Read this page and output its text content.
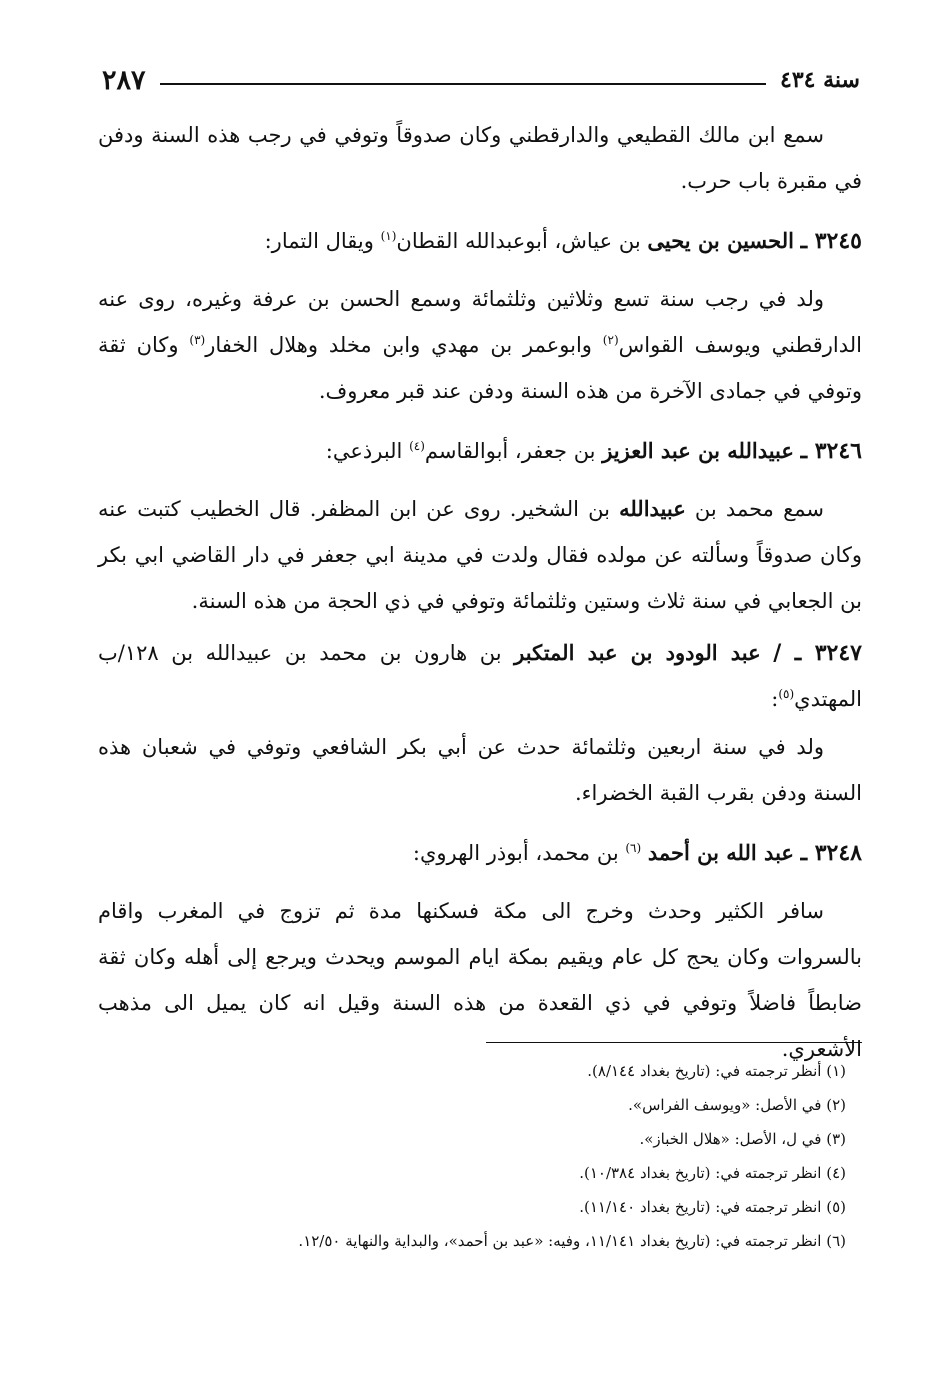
سنة ٤٣٤
٢٨٧

سمع ابن مالك القطيعي والدارقطني وكان صدوقاً وتوفي في رجب هذه السنة ودفن في مقبرة باب حرب.

٣٢٤٥ ـ الحسين بن يحيى بن عياش، أبوعبدالله القطان$^{(١)}$ ويقال التمار:

ولد في رجب سنة تسع وثلاثين وثلثمائة وسمع الحسن بن عرفة وغيره، روى عنه الدارقطني ويوسف القواس$^{(٢)}$ وابوعمر بن مهدي وابن مخلد وهلال الخفار$^{(٣)}$ وكان ثقة وتوفي في جمادى الآخرة من هذه السنة ودفن عند قبر معروف.

٣٢٤٦ ـ عبيدالله بن عبد العزيز بن جعفر، أبوالقاسم$^{(٤)}$ البرذعي:

سمع محمد بن عبيدالله بن الشخير. روى عن ابن المظفر. قال الخطيب كتبت عنه وكان صدوقاً وسألته عن مولده فقال ولدت في مدينة ابي جعفر في دار القاضي ابي بكر بن الجعابي في سنة ثلاث وستين وثلثمائة وتوفي في ذي الحجة من هذه السنة.

٣٢٤٧ ـ / عبد الودود بن عبد المتكبر بن هارون بن محمد بن عبيدالله بن ١٢٨/ب المهتدي$^{(٥)}$:

ولد في سنة اربعين وثلثمائة حدث عن أبي بكر الشافعي وتوفي في شعبان هذه السنة ودفن بقرب القبة الخضراء.

٣٢٤٨ ـ عبد الله بن أحمد $^{(٦)}$ بن محمد، أبوذر الهروي:

سافر الكثير وحدث وخرج الى مكة فسكنها مدة ثم تزوج في المغرب واقام بالسروات وكان يحج كل عام ويقيم بمكة ايام الموسم ويحدث ويرجع إلى أهله وكان ثقة ضابطاً فاضلاً وتوفي في ذي القعدة من هذه السنة وقيل انه كان يميل الى مذهب الأشعري.

(١) أنظر ترجمته في: (تاريخ بغداد ٨/١٤٤).

(٢) في الأصل: «ويوسف الفراس».

(٣) في ل، الأصل: «هلال الخباز».

(٤) انظر ترجمته في: (تاريخ بغداد ١٠/٣٨٤).

(٥) انظر ترجمته في: (تاريخ بغداد ١١/١٤٠).

(٦) انظر ترجمته في: (تاريخ بغداد ١١/١٤١، وفيه: «عبد بن أحمد»، والبداية والنهاية ١٢/٥٠.
